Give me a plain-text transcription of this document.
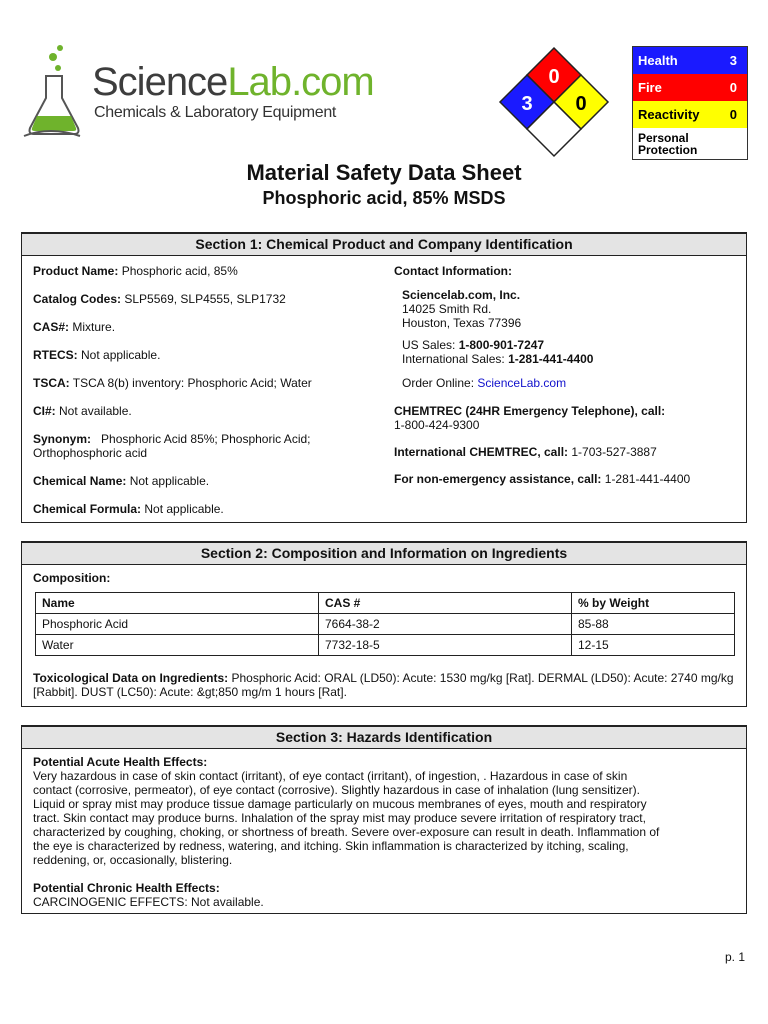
ScienceLab.com
Chemicals & Laboratory Equipment
0
3 0
Health	3
Fire	0
Reactivity 0
Personal Protection
Material Safety Data Sheet
Phosphoric acid, 85% MSDS
Section 1: Chemical Product and Company Identification
Product Name: Phosphoric acid, 85%
Catalog Codes: SLP5569, SLP4555, SLP1732
CAS#: Mixture.
RTECS: Not applicable.
TSCA: TSCA 8(b) inventory: Phosphoric Acid; Water
CI#: Not available.
Synonym: Phosphoric Acid 85%; Phosphoric Acid; Orthophosphoric acid
Chemical Name: Not applicable.
Chemical Formula: Not applicable.
Contact Information:
Sciencelab.com, Inc.
14025 Smith Rd.
Houston, Texas 77396
US Sales: 1-800-901-7247
International Sales: 1-281-441-4400
Order Online: ScienceLab.com
CHEMTREC (24HR Emergency Telephone), call:
1-800-424-9300
International CHEMTREC, call: 1-703-527-3887
For non-emergency assistance, call: 1-281-441-4400
Section 2: Composition and Information on Ingredients
Composition:
Name	CAS #	% by Weight
Phosphoric Acid	7664-38-2	85-88
Water	7732-18-5	12-15
Toxicological Data on Ingredients: Phosphoric Acid: ORAL (LD50): Acute: 1530 mg/kg [Rat]. DERMAL (LD50): Acute: 2740 mg/kg [Rabbit]. DUST (LC50): Acute: &gt;850 mg/m 1 hours [Rat].
Section 3: Hazards Identification

Potential Acute Health Effects:

Very hazardous in case of skin contact (irritant), of eye contact (irritant), of ingestion, . Hazardous in case of skin contact (corrosive, permeator), of eye contact (corrosive). Slightly hazardous in case of inhalation (lung sensitizer). Liquid or spray mist may produce tissue damage particularly on mucous membranes of eyes, mouth and respiratory tract. Skin contact may produce burns. Inhalation of the spray mist may produce severe irritation of respiratory tract, characterized by coughing, choking, or shortness of breath. Severe over-exposure can result in death. Inflammation of the eye is characterized by redness, watering, and itching. Skin inflammation is characterized by itching, scaling, reddening, or, occasionally, blistering.

Potential Chronic Health Effects:

CARCINOGENIC EFFECTS: Not available.

p. 1
